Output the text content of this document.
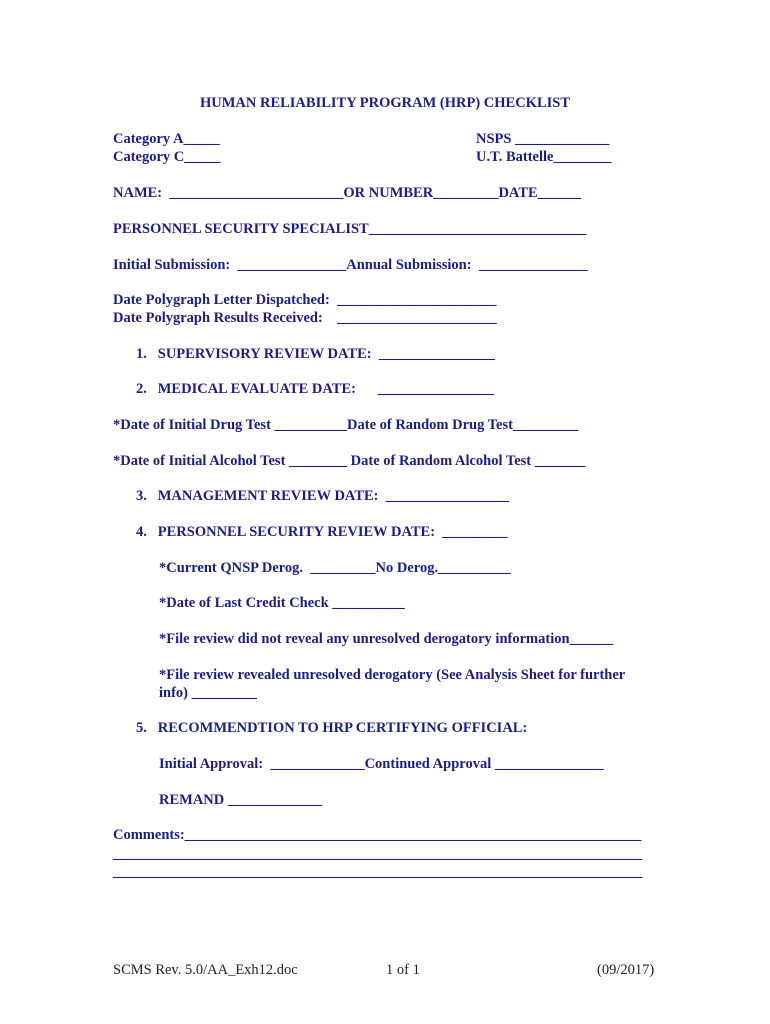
HUMAN RELIABILITY PROGRAM (HRP) CHECKLIST
Category A_____
Category C_____
NSPS _____________
U.T. Battelle________
NAME:  ________________________OR NUMBER_________DATE______
PERSONNEL SECURITY SPECIALIST______________________________
Initial Submission:  _______________Annual Submission:  _______________
Date Polygraph Letter Dispatched:  ______________________
Date Polygraph Results Received:    ______________________
1.   SUPERVISORY REVIEW DATE:  ________________
2.   MEDICAL EVALUATE DATE:      ________________
*Date of Initial Drug Test __________Date of Random Drug Test_________
*Date of Initial Alcohol Test ________ Date of Random Alcohol Test _______
3.   MANAGEMENT REVIEW DATE:  _________________
4.   PERSONNEL SECURITY REVIEW DATE:  _________
*Current QNSP Derog.  _________No Derog.__________
*Date of Last Credit Check __________
*File review did not reveal any unresolved derogatory information______
*File review revealed unresolved derogatory (See Analysis Sheet for further
info) _________
5.   RECOMMENDTION TO HRP CERTIFYING OFFICIAL:
Initial Approval:  _____________Continued Approval _______________
REMAND _____________
Comments:_______________________________________________________________
_________________________________________________________________________
_________________________________________________________________________
SCMS Rev. 5.0/AA_Exh12.doc	1 of 1	(09/2017)
